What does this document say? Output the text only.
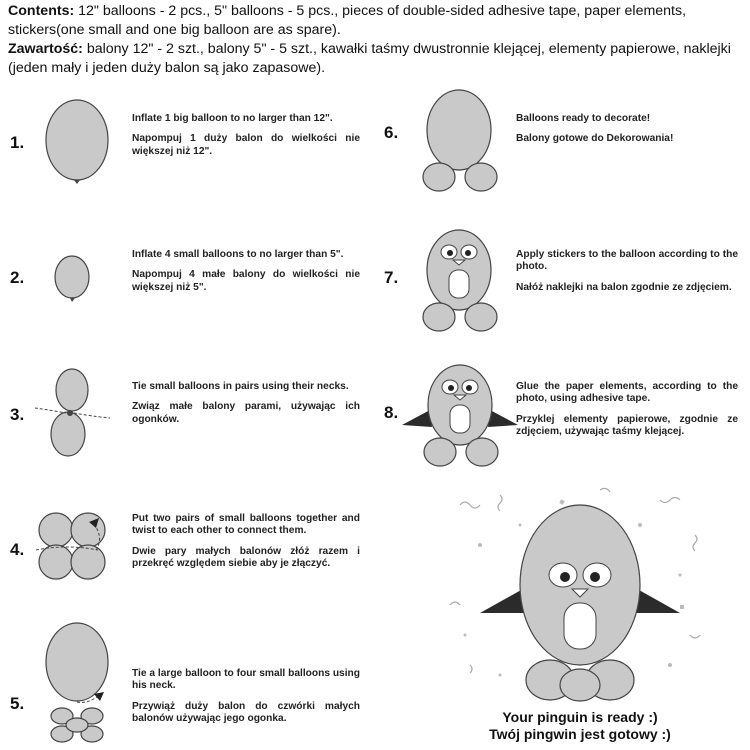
Contents: 12" balloons - 2 pcs., 5" balloons - 5 pcs., pieces of double-sided adhesive tape, paper elements, stickers(one small and one big balloon are as spare).

Zawartość: balony 12" - 2 szt., balony 5" - 5 szt., kawałki taśmy dwustronnie klejącej, elementy papierowe, naklejki (jeden mały i jeden duży balon są jako zapasowe).

1.

Inflate 1 big balloon to no larger than 12".

Napompuj 1 duży balon do wielkości nie większej niż 12".

2.

Inflate 4 small balloons to no larger than 5".

Napompuj 4 małe balony do wielkości nie większej niż 5".

3.

Tie small balloons in pairs using their necks.

Związ małe balony parami, używając ich ogonków.

4.

Put two pairs of small balloons together and twist to each other to connect them.

Dwie pary małych balonów złóż razem i przekręć względem siebie aby je złączyć.

5.

Tie a large balloon to four small balloons using his neck.

Przywiąż duży balon do czwórki małych balonów używając jego ogonka.

6.

Balloons ready to decorate!

Balony gotowe do Dekorowania!

7.

Apply stickers to the balloon according to the photo.

Nałóż naklejki na balon zgodnie ze zdjęciem.

8.

Glue the paper elements, according to the photo, using adhesive tape.

Przyklej elementy papierowe, zgodnie ze zdjęciem, używając taśmy klejącej.

Your pinguin is ready :)
Twój pingwin jest gotowy :)
